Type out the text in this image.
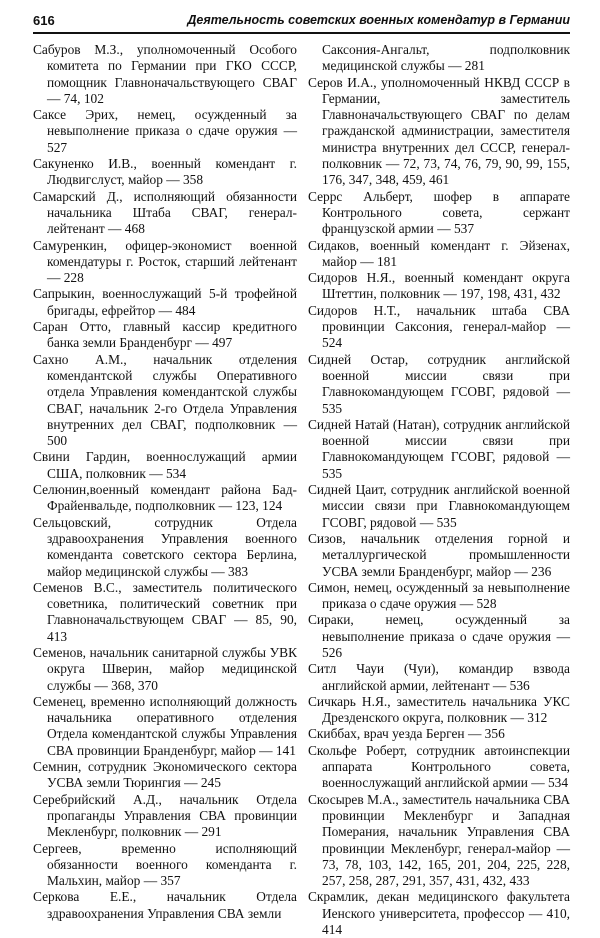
616	Деятельность советских военных комендатур в Германии

Сабуров М.З., уполномоченный Особого комитета по Германии при ГКО СССР, помощник Главноначальствующего СВАГ — 74, 102

Саксе Эрих, немец, осужденный за невыполнение приказа о сдаче оружия — 527

Сакуненко И.В., военный комендант г. Людвигслуст, майор — 358

Самарский Д., исполняющий обязанности начальника Штаба СВАГ, генерал-лейтенант — 468

Самуренкин, офицер-экономист военной комендатуры г. Росток, старший лейтенант — 228

Сапрыкин, военнослужащий 5-й трофейной бригады, ефрейтор — 484

Саран Отто, главный кассир кредитного банка земли Бранденбург — 497

Сахно А.М., начальник отделения комендантской службы Оперативного отдела Управления комендантской службы СВАГ, начальник 2-го Отдела Управления внутренних дел СВАГ, подполковник — 500

Свини Гардин, военнослужащий армии США, полковник — 534

Селюнин,военный комендант района Бад-Фрайенвальде, подполковник — 123, 124

Сельцовский, сотрудник Отдела здравоохранения Управления военного коменданта советского сектора Берлина, майор медицинской службы — 383

Семенов В.С., заместитель политического советника, политический советник при Главноначальствующем СВАГ — 85, 90, 413

Семенов, начальник санитарной службы УВК округа Шверин, майор медицинской службы — 368, 370

Семенец, временно исполняющий должность начальника оперативного отделения Отдела комендантской службы Управления СВА провинции Бранденбург, майор — 141

Семнин, сотрудник Экономического сектора УСВА земли Тюрингия — 245

Серебрийский А.Д., начальник Отдела пропаганды Управления СВА провинции Мекленбург, полковник — 291

Сергеев, временно исполняющий обязанности военного коменданта г. Мальхин, майор — 357

Серкова Е.Е., начальник Отдела здравоохранения Управления СВА земли

Саксония-Ангальт, подполковник медицинской службы — 281

Серов И.А., уполномоченный НКВД СССР в Германии, заместитель Главноначальствующего СВАГ по делам гражданской администрации, заместителя министра внутренних дел СССР, генерал-полковник — 72, 73, 74, 76, 79, 90, 99, 155, 176, 347, 348, 459, 461

Серрс Альберт, шофер в аппарате Контрольного совета, сержант французской армии — 537

Сидаков, военный комендант г. Эйзенах, майор — 181

Сидоров Н.Я., военный комендант округа Штеттин, полковник — 197, 198, 431, 432

Сидоров Н.Т., начальник штаба СВА провинции Саксония, генерал-майор — 524

Сидней Остар, сотрудник английской военной миссии связи при Главнокомандующем ГСОВГ, рядовой — 535

Сидней Натай (Натан), сотрудник английской военной миссии связи при Главнокомандующем ГСОВГ, рядовой — 535

Сидней Цаит, сотрудник английской военной миссии связи при Главнокомандующем ГСОВГ, рядовой — 535

Сизов, начальник отделения горной и металлургической промышленности УСВА земли Бранденбург, майор — 236

Симон, немец, осужденный за невыполнение приказа о сдаче оружия — 528

Сираки, немец, осужденный за невыполнение приказа о сдаче оружия — 526

Ситл Чауи (Чуи), командир взвода английской армии, лейтенант — 536

Сичкарь Н.Я., заместитель начальника УКС Дрезденского округа, полковник — 312

Скиббах, врач уезда Берген — 356

Скольфе Роберт, сотрудник автоинспекции аппарата Контрольного совета, военнослужащий английской армии — 534

Скосырев М.А., заместитель начальника СВА провинции Мекленбург и Западная Померания, начальник Управления СВА провинции Мекленбург, генерал-майор — 73, 78, 103, 142, 165, 201, 204, 225, 228, 257, 258, 287, 291, 357, 431, 432, 433

Скрамлик, декан медицинского факультета Иенского университета, профессор — 410, 414
